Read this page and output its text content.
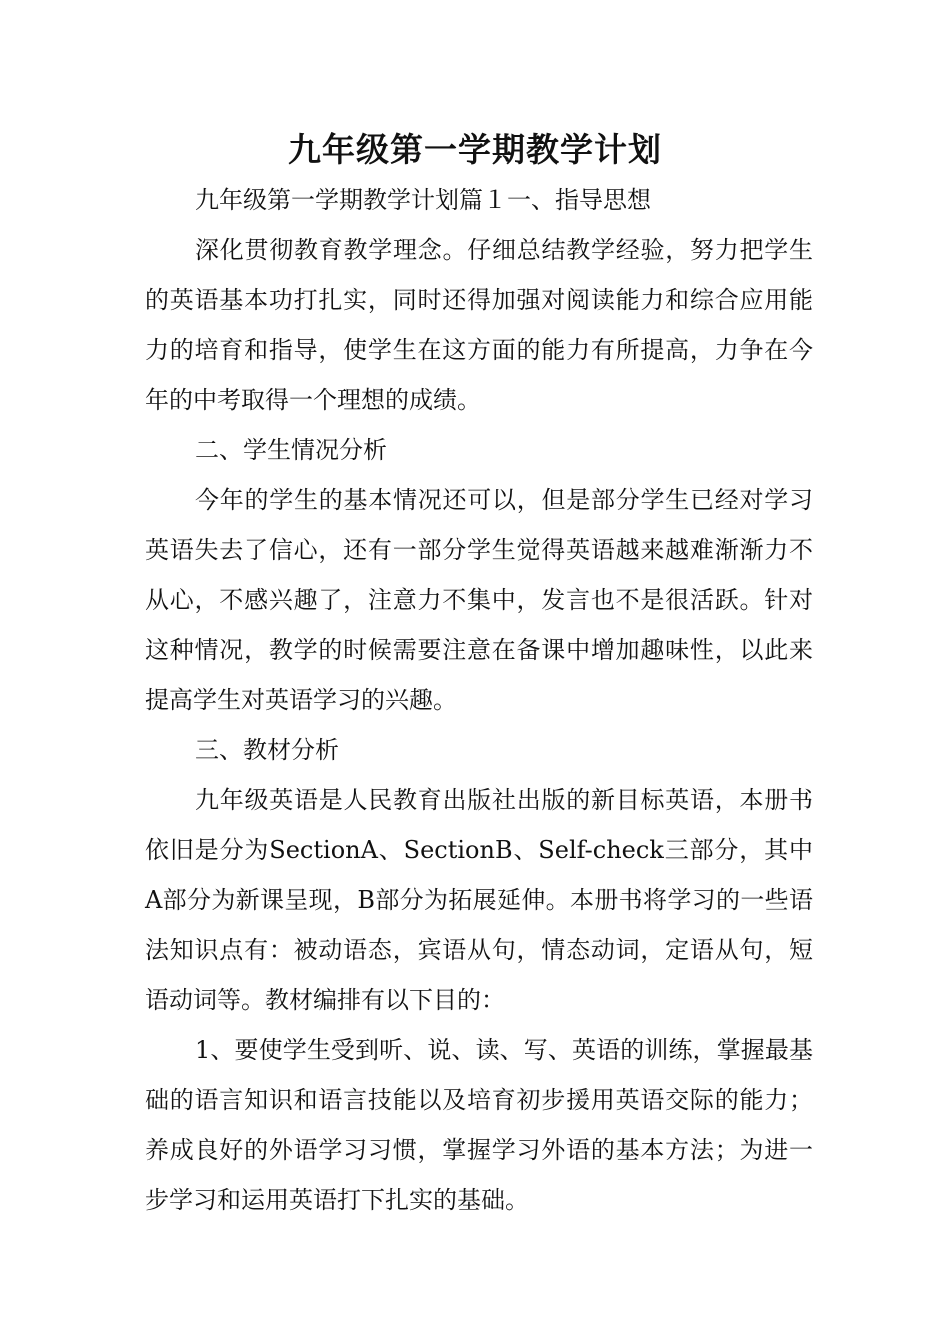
九年级第一学期教学计划

九年级第一学期教学计划篇１一、指导思想

深化贯彻教育教学理念。仔细总结教学经验，努力把学生的英语基本功打扎实，同时还得加强对阅读能力和综合应用能力的培育和指导，使学生在这方面的能力有所提高，力争在今年的中考取得一个理想的成绩。

二、学生情况分析

今年的学生的基本情况还可以，但是部分学生已经对学习英语失去了信心，还有一部分学生觉得英语越来越难渐渐力不从心，不感兴趣了，注意力不集中，发言也不是很活跃。针对这种情况，教学的时候需要注意在备课中增加趣味性，以此来提高学生对英语学习的兴趣。

三、教材分析

九年级英语是人民教育出版社出版的新目标英语，本册书依旧是分为SectionA、SectionB、Self-check三部分，其中A部分为新课呈现，B部分为拓展延伸。本册书将学习的一些语法知识点有：被动语态，宾语从句，情态动词，定语从句，短语动词等。教材编排有以下目的：

1、要使学生受到听、说、读、写、英语的训练，掌握最基础的语言知识和语言技能以及培育初步援用英语交际的能力；养成良好的外语学习习惯，掌握学习外语的基本方法；为进一步学习和运用英语打下扎实的基础。
